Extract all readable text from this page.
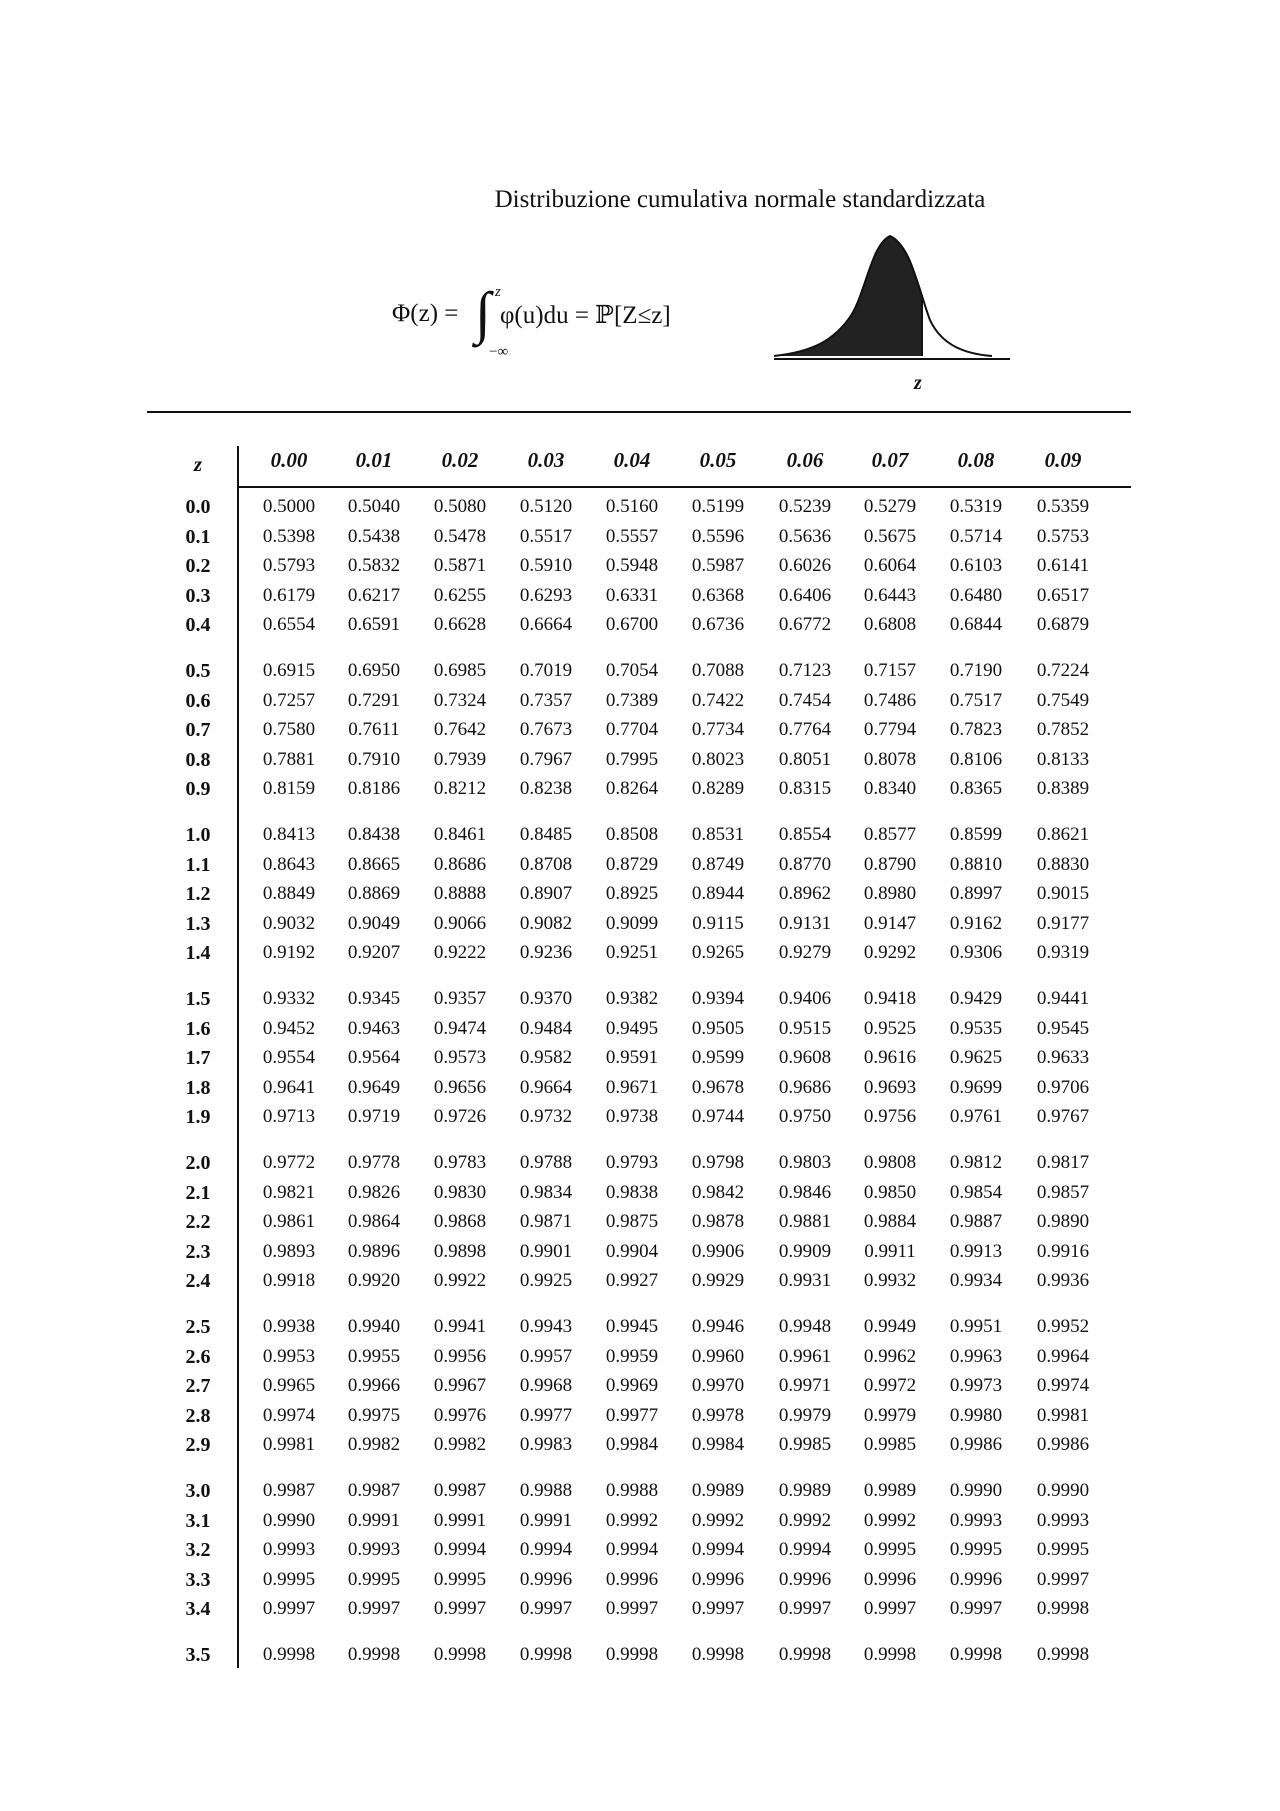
Distribuzione cumulativa normale standardizzata
Φ(z) = ∫ z
−∞
φ(u)du = ℙ[Z≤z]
z
z	0.00	0.01	0.02	0.03	0.04	0.05	0.06	0.07	0.08	0.09
0.0	0.5000	0.5040	0.5080	0.5120	0.5160	0.5199	0.5239	0.5279	0.5319	0.5359
0.1	0.5398	0.5438	0.5478	0.5517	0.5557	0.5596	0.5636	0.5675	0.5714	0.5753
0.2	0.5793	0.5832	0.5871	0.5910	0.5948	0.5987	0.6026	0.6064	0.6103	0.6141
0.3	0.6179	0.6217	0.6255	0.6293	0.6331	0.6368	0.6406	0.6443	0.6480	0.6517
0.4	0.6554	0.6591	0.6628	0.6664	0.6700	0.6736	0.6772	0.6808	0.6844	0.6879
0.5	0.6915	0.6950	0.6985	0.7019	0.7054	0.7088	0.7123	0.7157	0.7190	0.7224
0.6	0.7257	0.7291	0.7324	0.7357	0.7389	0.7422	0.7454	0.7486	0.7517	0.7549
0.7	0.7580	0.7611	0.7642	0.7673	0.7704	0.7734	0.7764	0.7794	0.7823	0.7852
0.8	0.7881	0.7910	0.7939	0.7967	0.7995	0.8023	0.8051	0.8078	0.8106	0.8133
0.9	0.8159	0.8186	0.8212	0.8238	0.8264	0.8289	0.8315	0.8340	0.8365	0.8389
1.0	0.8413	0.8438	0.8461	0.8485	0.8508	0.8531	0.8554	0.8577	0.8599	0.8621
1.1	0.8643	0.8665	0.8686	0.8708	0.8729	0.8749	0.8770	0.8790	0.8810	0.8830
1.2	0.8849	0.8869	0.8888	0.8907	0.8925	0.8944	0.8962	0.8980	0.8997	0.9015
1.3	0.9032	0.9049	0.9066	0.9082	0.9099	0.9115	0.9131	0.9147	0.9162	0.9177
1.4	0.9192	0.9207	0.9222	0.9236	0.9251	0.9265	0.9279	0.9292	0.9306	0.9319
1.5	0.9332	0.9345	0.9357	0.9370	0.9382	0.9394	0.9406	0.9418	0.9429	0.9441
1.6	0.9452	0.9463	0.9474	0.9484	0.9495	0.9505	0.9515	0.9525	0.9535	0.9545
1.7	0.9554	0.9564	0.9573	0.9582	0.9591	0.9599	0.9608	0.9616	0.9625	0.9633
1.8	0.9641	0.9649	0.9656	0.9664	0.9671	0.9678	0.9686	0.9693	0.9699	0.9706
1.9	0.9713	0.9719	0.9726	0.9732	0.9738	0.9744	0.9750	0.9756	0.9761	0.9767
2.0	0.9772	0.9778	0.9783	0.9788	0.9793	0.9798	0.9803	0.9808	0.9812	0.9817
2.1	0.9821	0.9826	0.9830	0.9834	0.9838	0.9842	0.9846	0.9850	0.9854	0.9857
2.2	0.9861	0.9864	0.9868	0.9871	0.9875	0.9878	0.9881	0.9884	0.9887	0.9890
2.3	0.9893	0.9896	0.9898	0.9901	0.9904	0.9906	0.9909	0.9911	0.9913	0.9916
2.4	0.9918	0.9920	0.9922	0.9925	0.9927	0.9929	0.9931	0.9932	0.9934	0.9936
2.5	0.9938	0.9940	0.9941	0.9943	0.9945	0.9946	0.9948	0.9949	0.9951	0.9952
2.6	0.9953	0.9955	0.9956	0.9957	0.9959	0.9960	0.9961	0.9962	0.9963	0.9964
2.7	0.9965	0.9966	0.9967	0.9968	0.9969	0.9970	0.9971	0.9972	0.9973	0.9974
2.8	0.9974	0.9975	0.9976	0.9977	0.9977	0.9978	0.9979	0.9979	0.9980	0.9981
2.9	0.9981	0.9982	0.9982	0.9983	0.9984	0.9984	0.9985	0.9985	0.9986	0.9986
3.0	0.9987	0.9987	0.9987	0.9988	0.9988	0.9989	0.9989	0.9989	0.9990	0.9990
3.1	0.9990	0.9991	0.9991	0.9991	0.9992	0.9992	0.9992	0.9992	0.9993	0.9993
3.2	0.9993	0.9993	0.9994	0.9994	0.9994	0.9994	0.9994	0.9995	0.9995	0.9995
3.3	0.9995	0.9995	0.9995	0.9996	0.9996	0.9996	0.9996	0.9996	0.9996	0.9997
3.4	0.9997	0.9997	0.9997	0.9997	0.9997	0.9997	0.9997	0.9997	0.9997	0.9998
3.5	0.9998	0.9998	0.9998	0.9998	0.9998	0.9998	0.9998	0.9998	0.9998	0.9998
